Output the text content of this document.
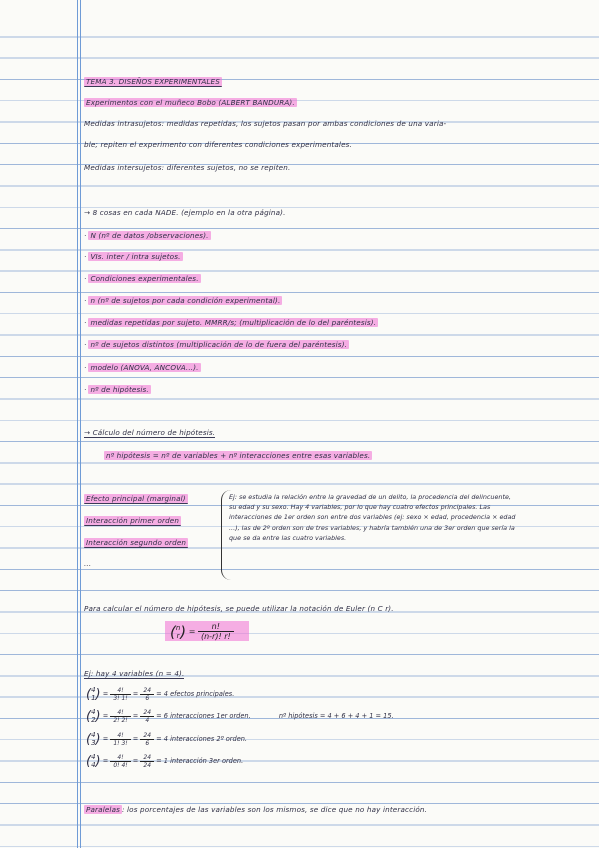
TEMA 3. DISEÑOS EXPERIMENTALES
Experimentos con el muñeco Bobo (ALBERT BANDURA).
Medidas intrasujetos: medidas repetidas, los sujetos pasan por ambas condiciones de una varia-
ble; repiten el experimento con diferentes condiciones experimentales.
Medidas intersujetos: diferentes sujetos, no se repiten.
→ 8 cosas en cada NADE. (ejemplo en la otra página).
· N (nº de datos /observaciones).
· VIs. inter / intra sujetos.
· Condiciones experimentales.
· n (nº de sujetos por cada condición experimental).
· medidas repetidas por sujeto. MMRR/s; (multiplicación de lo del paréntesis).
· nº de sujetos distintos (multiplicación de lo de fuera del paréntesis).
· modelo (ANOVA, ANCOVA...).
· nº de hipótesis.
→ Cálculo del número de hipótesis.
nº hipótesis = nº de variables + nº interacciones entre esas variables.
Efecto principal (marginal)
Interacción primer orden
Interacción segundo orden
...
Ej: se estudia la relación entre la gravedad de un delito, la procedencia del delincuente, su edad y su sexo. Hay 4 variables, por lo que hay cuatro efectos principales. Las interacciones de 1er orden son entre dos variables (ej: sexo × edad, procedencia × edad ...), las de 2º orden son de tres variables, y habría también una de 3er orden que sería la que se da entre las cuatro variables.
Para calcular el número de hipótesis, se puede utilizar la notación de Euler (n C r).
(n
$r) = \frac{n!}{(n-r)! r!}$
Ej: hay 4 variables (n = 4).
(4
$1) = \frac{4!}{3! 1!} = \frac{24}{6} = 4$ efectos principales.
(4
$2) = \frac{4!}{2! 2!} = \frac{24}{4} = 6$ interacciones 1er orden.	nº hipótesis = 4 + 6 + 4 + 1 = 15.
(4
$3) = \frac{4!}{1! 3!} = \frac{24}{6} = 4$ interacciones 2º orden.
(4
$4) = \frac{4!}{0! 4!} = \frac{24}{24} = 1$ interacción 3er orden.
Paralelas : los porcentajes de las variables son los mismos, se dice que no hay interacción.
